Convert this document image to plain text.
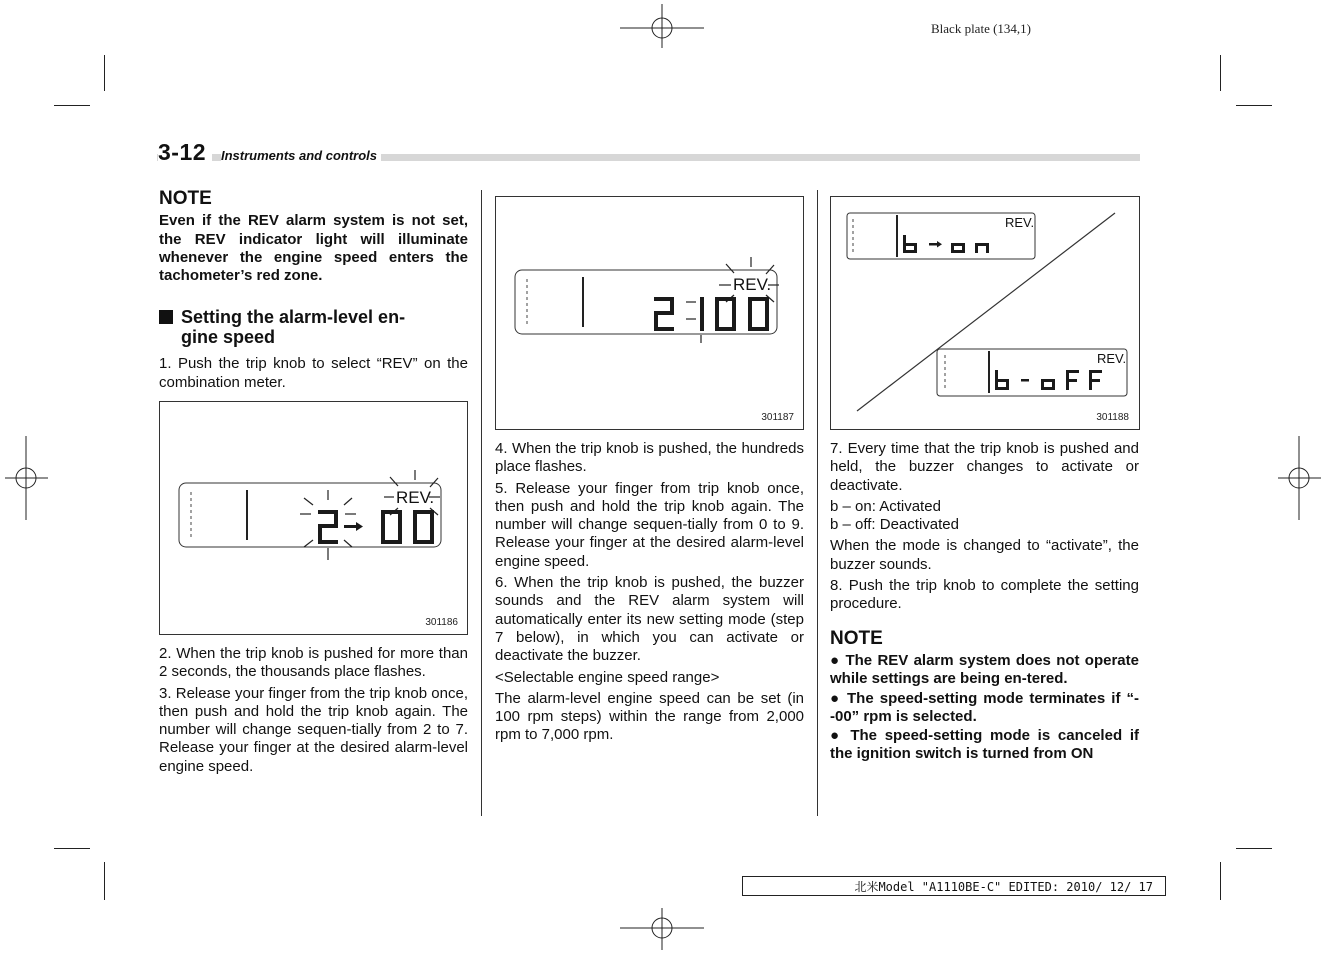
Black plate (134,1)
3-12	Instruments and controls
NOTE

Even if the REV alarm system is not set, the REV indicator light will illuminate whenever the engine speed enters the tachometer’s red zone.

Setting the alarm-level en-
gine speed

1. Push the trip knob to select “REV” on the combination meter.

REV.
301186

2. When the trip knob is pushed for more than 2 seconds, the thousands place flashes.

3. Release your finger from the trip knob once, then push and hold the trip knob again. The number will change sequen-tially from 2 to 7. Release your finger at the desired alarm-level engine speed.

REV.
301187

4. When the trip knob is pushed, the hundreds place flashes.

5. Release your finger from trip knob once, then push and hold the trip knob again. The number will change sequen-tially from 0 to 9. Release your finger at the desired alarm-level engine speed.

6. When the trip knob is pushed, the buzzer sounds and the REV alarm system will automatically enter its new setting mode (step 7 below), in which you can activate or deactivate the buzzer.

<Selectable engine speed range>

The alarm-level engine speed can be set (in 100 rpm steps) within the range from 2,000 rpm to 7,000 rpm.

REV.
REV.
301188

7. Every time that the trip knob is pushed and held, the buzzer changes to activate or deactivate.

b – on: Activated

b – off: Deactivated

When the mode is changed to “activate”, the buzzer sounds.

8. Push the trip knob to complete the setting procedure.

NOTE

● The REV alarm system does not operate while settings are being en-tered.

● The speed-setting mode terminates if “--00” rpm is selected.

● The speed-setting mode is canceled if the ignition switch is turned from ON

北米Model "A1110BE-C" EDITED: 2010/ 12/ 17
